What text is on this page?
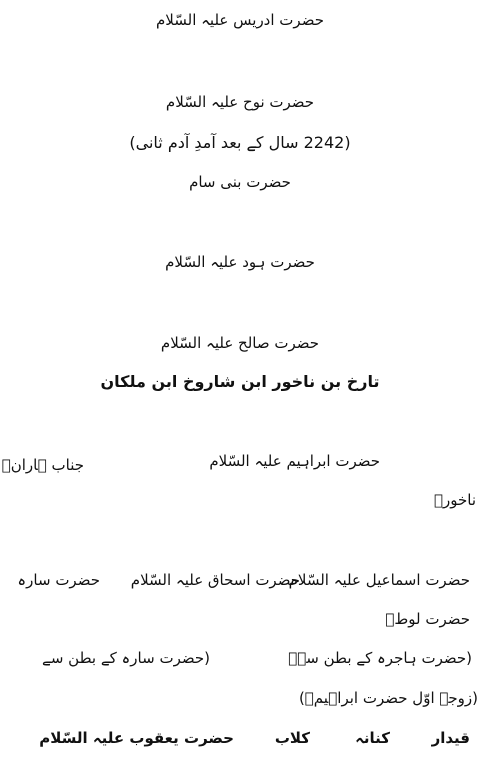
حضرت ادریس علیہ السّلام
حضرت نوح علیہ السّلام
(2242 سال کے بعد آمدِ آدم ثانی)
حضرت بنی سام
حضرت ہود علیہ السّلام
حضرت صالح علیہ السّلام
تارخ بن ناخور ابن شاروخ ابن ملکان
حضرت ابراہیم علیہ السّلام
جناب ہارانؑ
ناخورؑ
حضرت اسماعیل علیہ السّلام
حضرت اسحاق علیہ السّلام
حضرت سارہ
حضرت لوطؑ
(حضرت ہاجرہ کے بطن سےؑ
(حضرت سارہ کے بطن سے
(زوجہ اوّل حضرت ابراہیمؑ)
قیدار
کنانہ
کلاب
حضرت یعقوب علیہ السّلام
